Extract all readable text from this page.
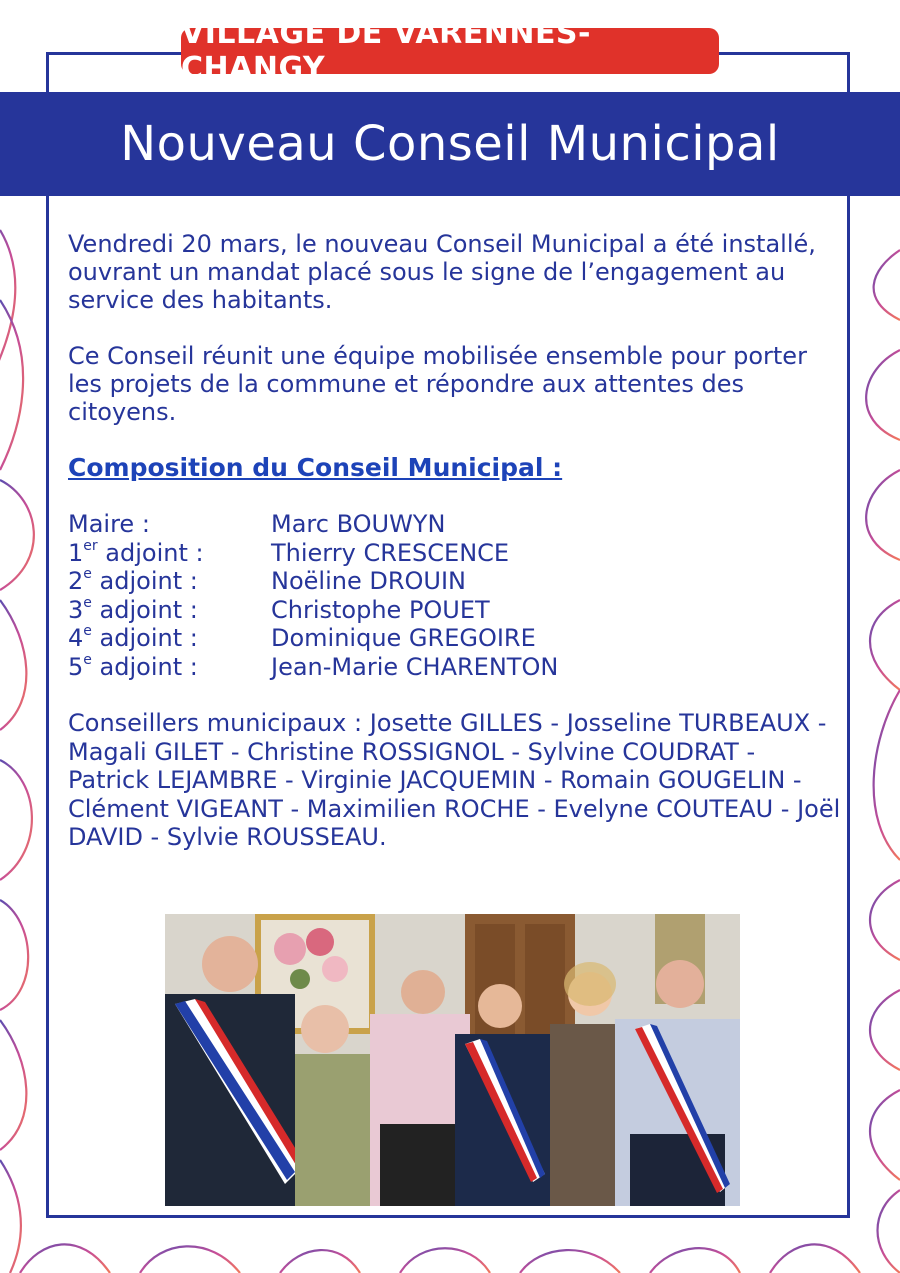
Nouveau Conseil Municipal
VILLAGE DE VARENNES-CHANGY

Vendredi 20 mars, le nouveau Conseil Municipal a été installé, ouvrant un mandat placé sous le signe de l’engagement au service des habitants.

Ce Conseil réunit une équipe mobilisée ensemble pour porter les projets de la commune et répondre aux attentes des citoyens.

Composition du Conseil Municipal :

Maire :	Marc BOUWYN
1er adjoint :	Thierry CRESCENCE
2e adjoint :	Noëline DROUIN
3e adjoint :	Christophe POUET
4e adjoint :	Dominique GREGOIRE
5e adjoint :	Jean-Marie CHARENTON

Conseillers municipaux : Josette GILLES - Josseline TURBEAUX - Magali GILET - Christine ROSSIGNOL - Sylvine COUDRAT - Patrick LEJAMBRE - Virginie JACQUEMIN - Romain GOUGELIN - Clément VIGEANT - Maximilien ROCHE - Evelyne COUTEAU - Joël DAVID - Sylvie ROUSSEAU.
